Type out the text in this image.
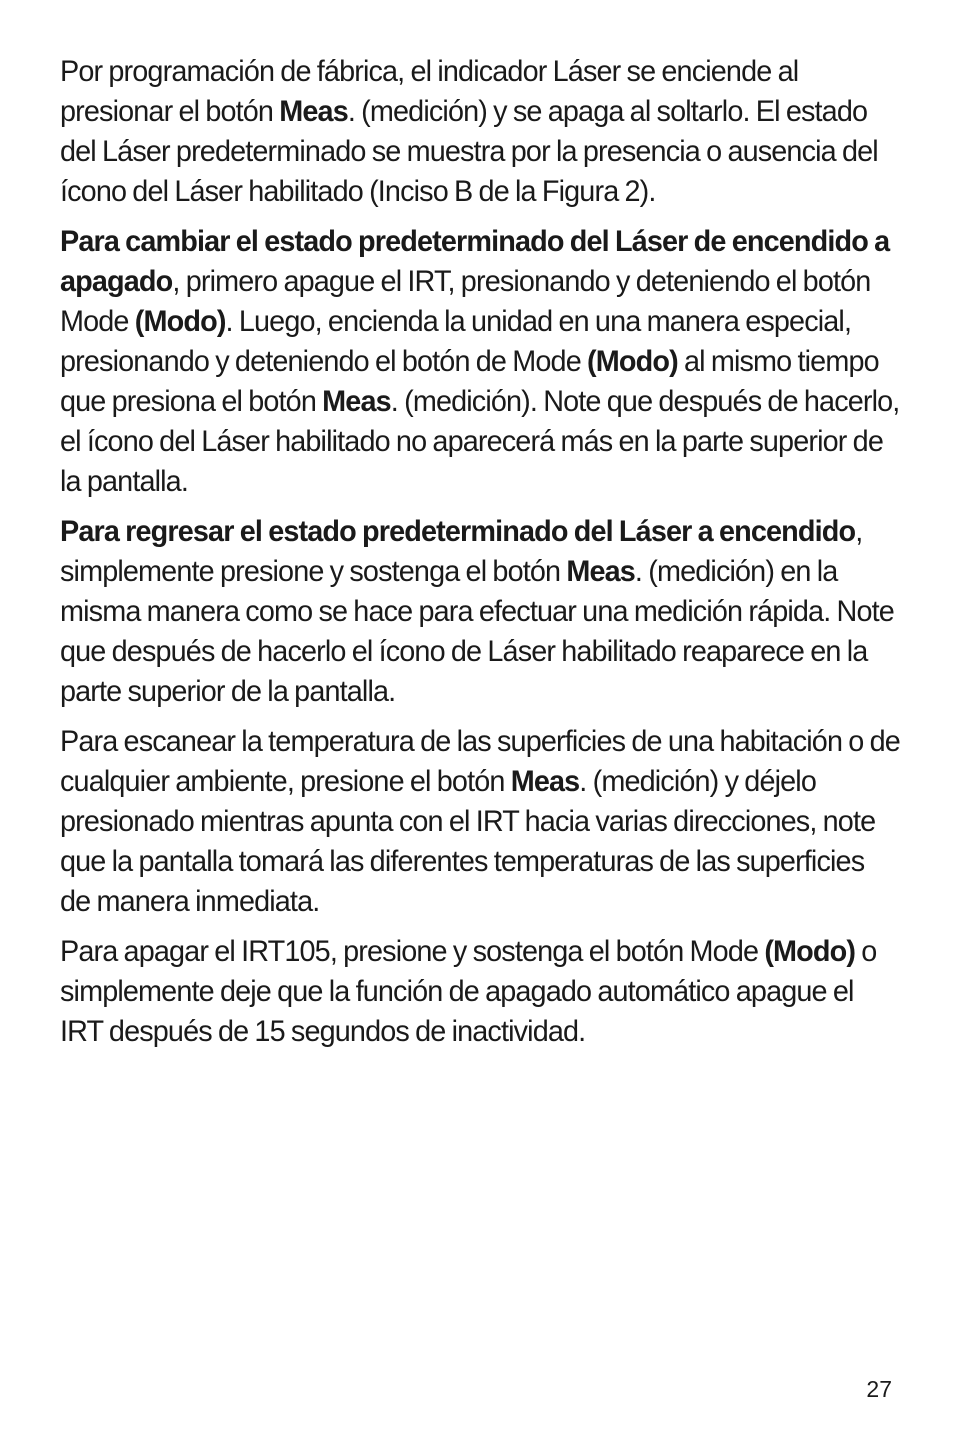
Por programación de fábrica, el indicador Láser se enciende al presionar el botón Meas. (medición) y se apaga al soltarlo. El estado del Láser predeterminado se muestra por la presencia o ausencia del ícono del Láser habilitado (Inciso B de la Figura 2).

Para cambiar el estado predeterminado del Láser de encendido a apagado, primero apague el IRT, presionando y deteniendo el botón Mode (Modo). Luego, encienda la unidad en una manera especial, presionando y deteniendo el botón de Mode (Modo) al mismo tiempo que presiona el botón Meas. (medición). Note que después de hacerlo, el ícono del Láser habilitado no aparecerá más en la parte superior de la pantalla.

Para regresar el estado predeterminado del Láser a encendido, simplemente presione y sostenga el botón Meas. (medición) en la misma manera como se hace para efectuar una medición rápida. Note que después de hacerlo el ícono de Láser habilitado reaparece en la parte superior de la pantalla.

Para escanear la temperatura de las superficies de una habitación o de cualquier ambiente, presione el botón Meas. (medición) y déjelo presionado mientras apunta con el IRT hacia varias direcciones, note que la pantalla tomará las diferentes temperaturas de las superficies de manera inmediata.

Para apagar el IRT105, presione y sostenga el botón Mode (Modo) o simplemente deje que la función de apagado automático apague el IRT después de 15 segundos de inactividad.

27
